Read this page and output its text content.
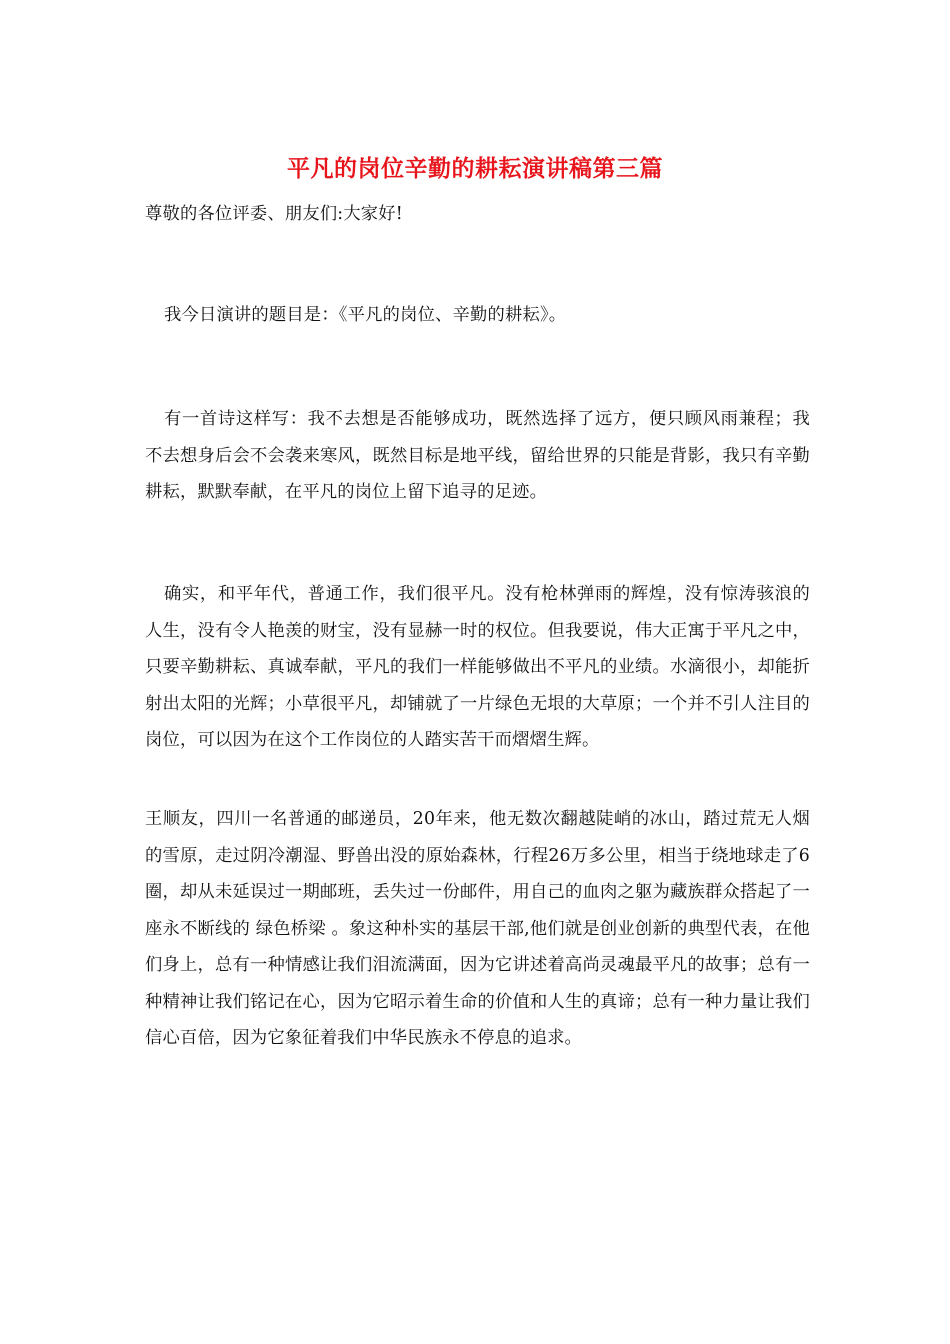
平凡的岗位辛勤的耕耘演讲稿第三篇

尊敬的各位评委、朋友们:大家好!

我今日演讲的题目是：《平凡的岗位、辛勤的耕耘》。

有一首诗这样写：我不去想是否能够成功，既然选择了远方，便只顾风雨兼程；我不去想身后会不会袭来寒风，既然目标是地平线，留给世界的只能是背影，我只有辛勤耕耘，默默奉献，在平凡的岗位上留下追寻的足迹。

确实，和平年代，普通工作，我们很平凡。没有枪林弹雨的辉煌，没有惊涛骇浪的人生，没有令人艳羡的财宝，没有显赫一时的权位。但我要说，伟大正寓于平凡之中，只要辛勤耕耘、真诚奉献，平凡的我们一样能够做出不平凡的业绩。水滴很小，却能折射出太阳的光辉；小草很平凡，却铺就了一片绿色无垠的大草原；一个并不引人注目的岗位，可以因为在这个工作岗位的人踏实苦干而熠熠生辉。

王顺友，四川一名普通的邮递员，20年来，他无数次翻越陡峭的冰山，踏过荒无人烟的雪原，走过阴冷潮湿、野兽出没的原始森林，行程26万多公里，相当于绕地球走了6圈，却从未延误过一期邮班，丢失过一份邮件，用自己的血肉之躯为藏族群众搭起了一座永不断线的 绿色桥梁 。象这种朴实的基层干部,他们就是创业创新的典型代表，在他们身上，总有一种情感让我们泪流满面，因为它讲述着高尚灵魂最平凡的故事；总有一种精神让我们铭记在心，因为它昭示着生命的价值和人生的真谛；总有一种力量让我们信心百倍，因为它象征着我们中华民族永不停息的追求。
